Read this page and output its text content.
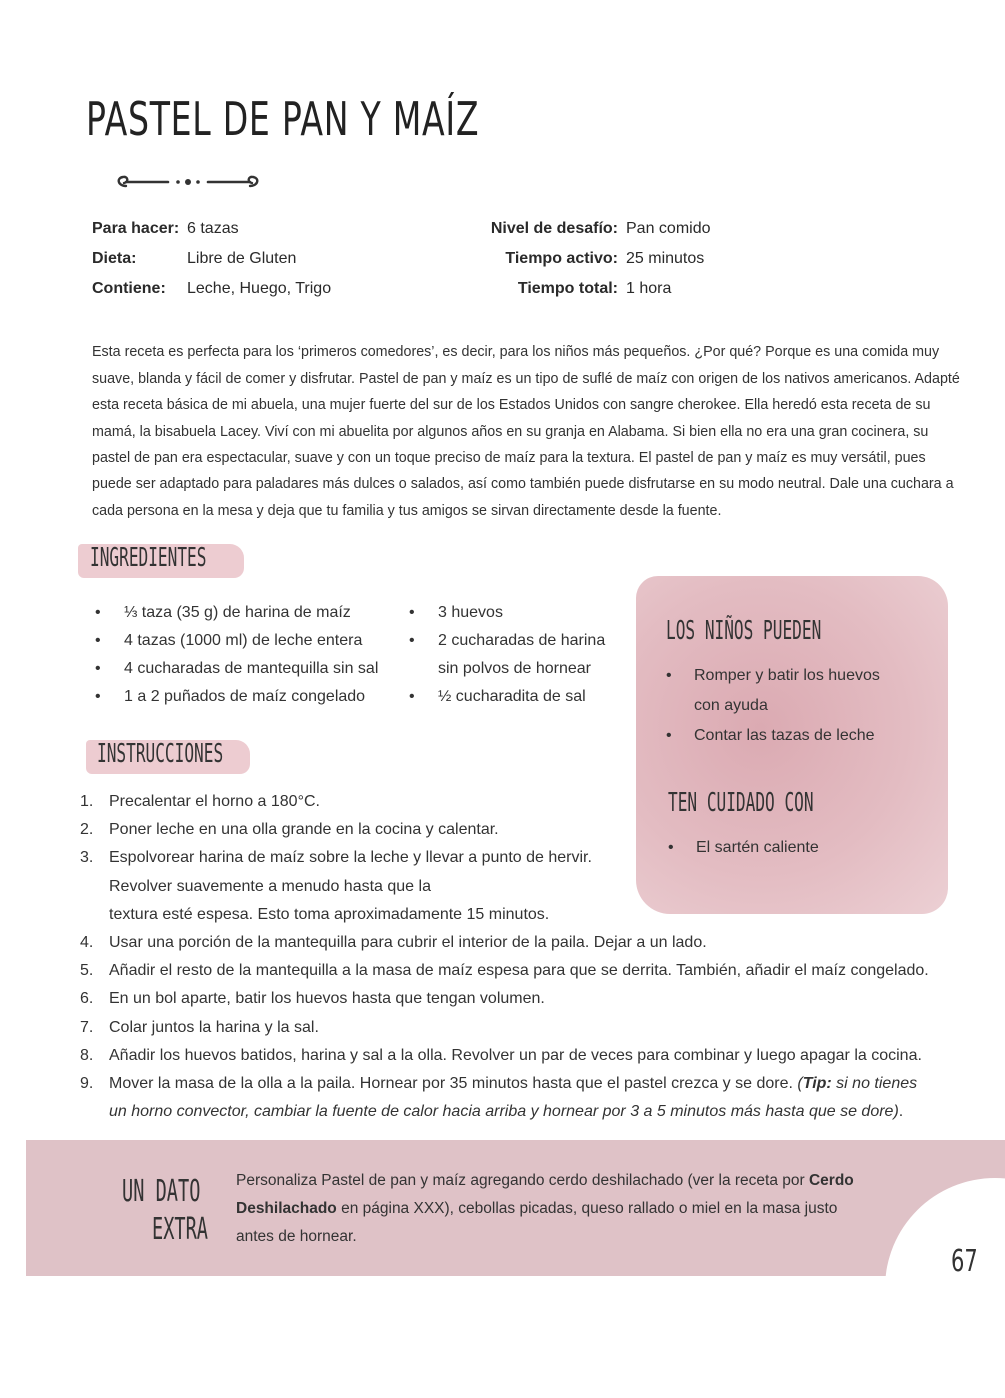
PASTEL DE PAN Y MAÍZ
Para hacer: 6 tazas
Dieta:	Libre de Gluten
Contiene:	Leche, Huego, Trigo
Nivel de desafío: Pan comido
Tiempo activo: 25 minutos
Tiempo total: 1 hora

Esta receta es perfecta para los ‘primeros comedores’, es decir, para los niños más pequeños. ¿Por qué? Porque es una comida muy suave, blanda y fácil de comer y disfrutar. Pastel de pan y maíz es un tipo de suflé de maíz con origen de los nativos americanos. Adapté esta receta básica de mi abuela, una mujer fuerte del sur de los Estados Unidos con sangre cherokee. Ella heredó esta receta de su mamá, la bisabuela Lacey. Viví con mi abuelita por algunos años en su granja en Alabama. Si bien ella no era una gran cocinera, su pastel de pan era espectacular, suave y con un toque preciso de maíz para la textura. El pastel de pan y maíz es muy versátil, pues puede ser adaptado para paladares más dulces o salados, así como también puede disfrutarse en su modo neutral. Dale una cuchara a cada persona en la mesa y deja que tu familia y tus amigos se sirvan directamente desde la fuente.

INGREDIENTES
• ⅓ taza (35 g) de harina de maíz
• 4 tazas (1000 ml) de leche entera
• 4 cucharadas de mantequilla sin sal
• 1 a 2 puñados de maíz congelado
• 3 huevos
• 2 cucharadas de harina
sin polvos de hornear
• ½ cucharadita de sal
INSTRUCCIONES
1. Precalentar el horno a 180°C.
2. Poner leche en una olla grande en la cocina y calentar.
3. Espolvorear harina de maíz sobre la leche y llevar a punto de hervir.
Revolver suavemente a menudo hasta que la
textura esté espesa. Esto toma aproximadamente 15 minutos.
4. Usar una porción de la mantequilla para cubrir el interior de la paila. Dejar a un lado.
5. Añadir el resto de la mantequilla a la masa de maíz espesa para que se derrita. También, añadir el maíz congelado.
6. En un bol aparte, batir los huevos hasta que tengan volumen.
7. Colar juntos la harina y la sal.
8. Añadir los huevos batidos, harina y sal a la olla. Revolver un par de veces para combinar y luego apagar la cocina.
9. Mover la masa de la olla a la paila. Hornear por 35 minutos hasta que el pastel crezca y se dore. (Tip: si no tienes
un horno convector, cambiar la fuente de calor hacia arriba y hornear por 3 a 5 minutos más hasta que se dore).
LOS NIÑOS PUEDEN
• Romper y batir los huevos con ayuda
• Contar las tazas de leche
TEN CUIDADO CON
• El sartén caliente
UN DATO
EXTRA

Personaliza Pastel de pan y maíz agregando cerdo deshilachado (ver la receta por Cerdo Deshilachado en página XXX), cebollas picadas, queso rallado o miel en la masa justo antes de hornear.

67
